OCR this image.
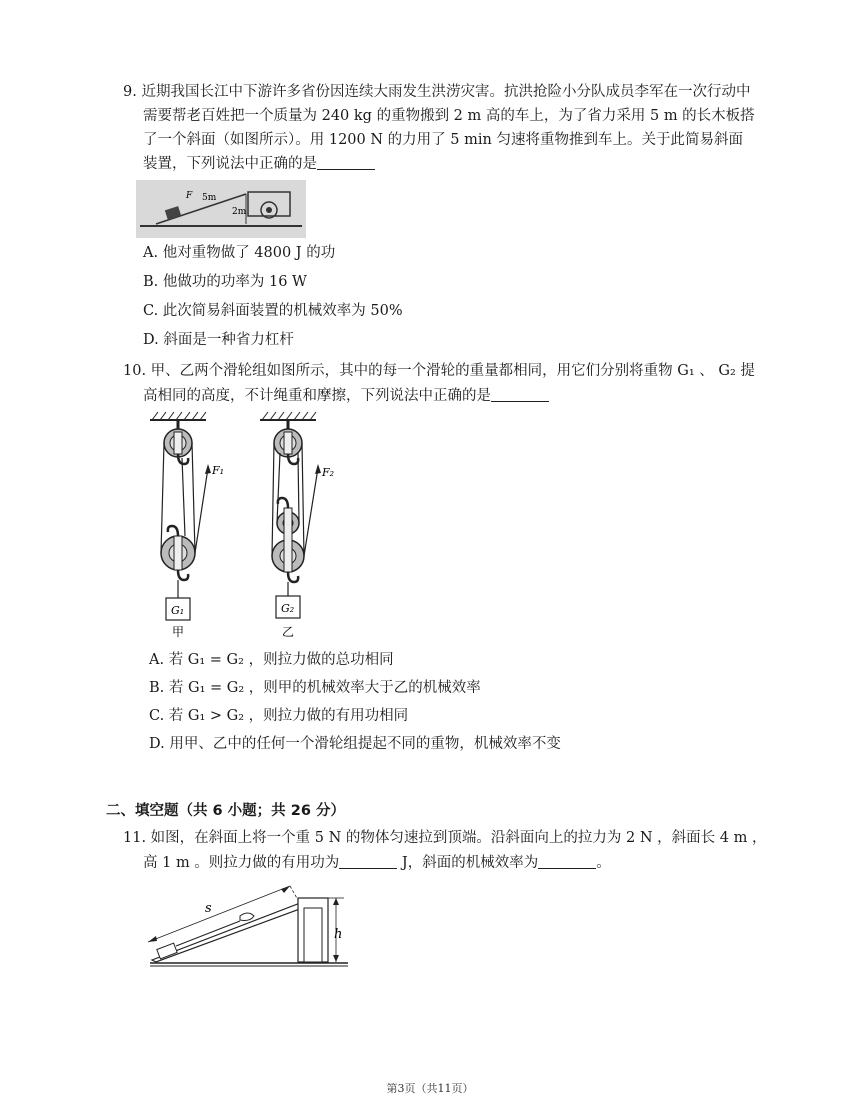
9. 近期我国长江中下游许多省份因连续大雨发生洪涝灾害。抗洪抢险小分队成员李军在一次行动中
需要帮老百姓把一个质量为 240 kg 的重物搬到 2 m 高的车上，为了省力采用 5 m 的长木板搭
了一个斜面（如图所示）。用 1200 N 的力用了 5 min 匀速将重物推到车上。关于此简易斜面
装置，下列说法中正确的是
F 5m
2m
A. 他对重物做了 4800 J 的功
B. 他做功的功率为 16 W
C. 此次简易斜面装置的机械效率为 50%
D. 斜面是一种省力杠杆
10. 甲、乙两个滑轮组如图所示，其中的每一个滑轮的重量都相同，用它们分别将重物 G₁ 、 G₂ 提
高相同的高度，不计绳重和摩擦，下列说法中正确的是
F₁
G₁
甲
F₂
G₂
乙
A. 若 G₁ = G₂ ，则拉力做的总功相同
B. 若 G₁ = G₂ ，则甲的机械效率大于乙的机械效率
C. 若 G₁ > G₂ ，则拉力做的有用功相同
D. 用甲、乙中的任何一个滑轮组提起不同的重物，机械效率不变
二、填空题（共 6 小题；共 26 分）
11. 如图，在斜面上将一个重 5 N 的物体匀速拉到顶端。沿斜面向上的拉力为 2 N ，斜面长 4 m ，
高 1 m 。则拉力做的有用功为	J，斜面的机械效率为	。
s
h
第3页（共11页）
